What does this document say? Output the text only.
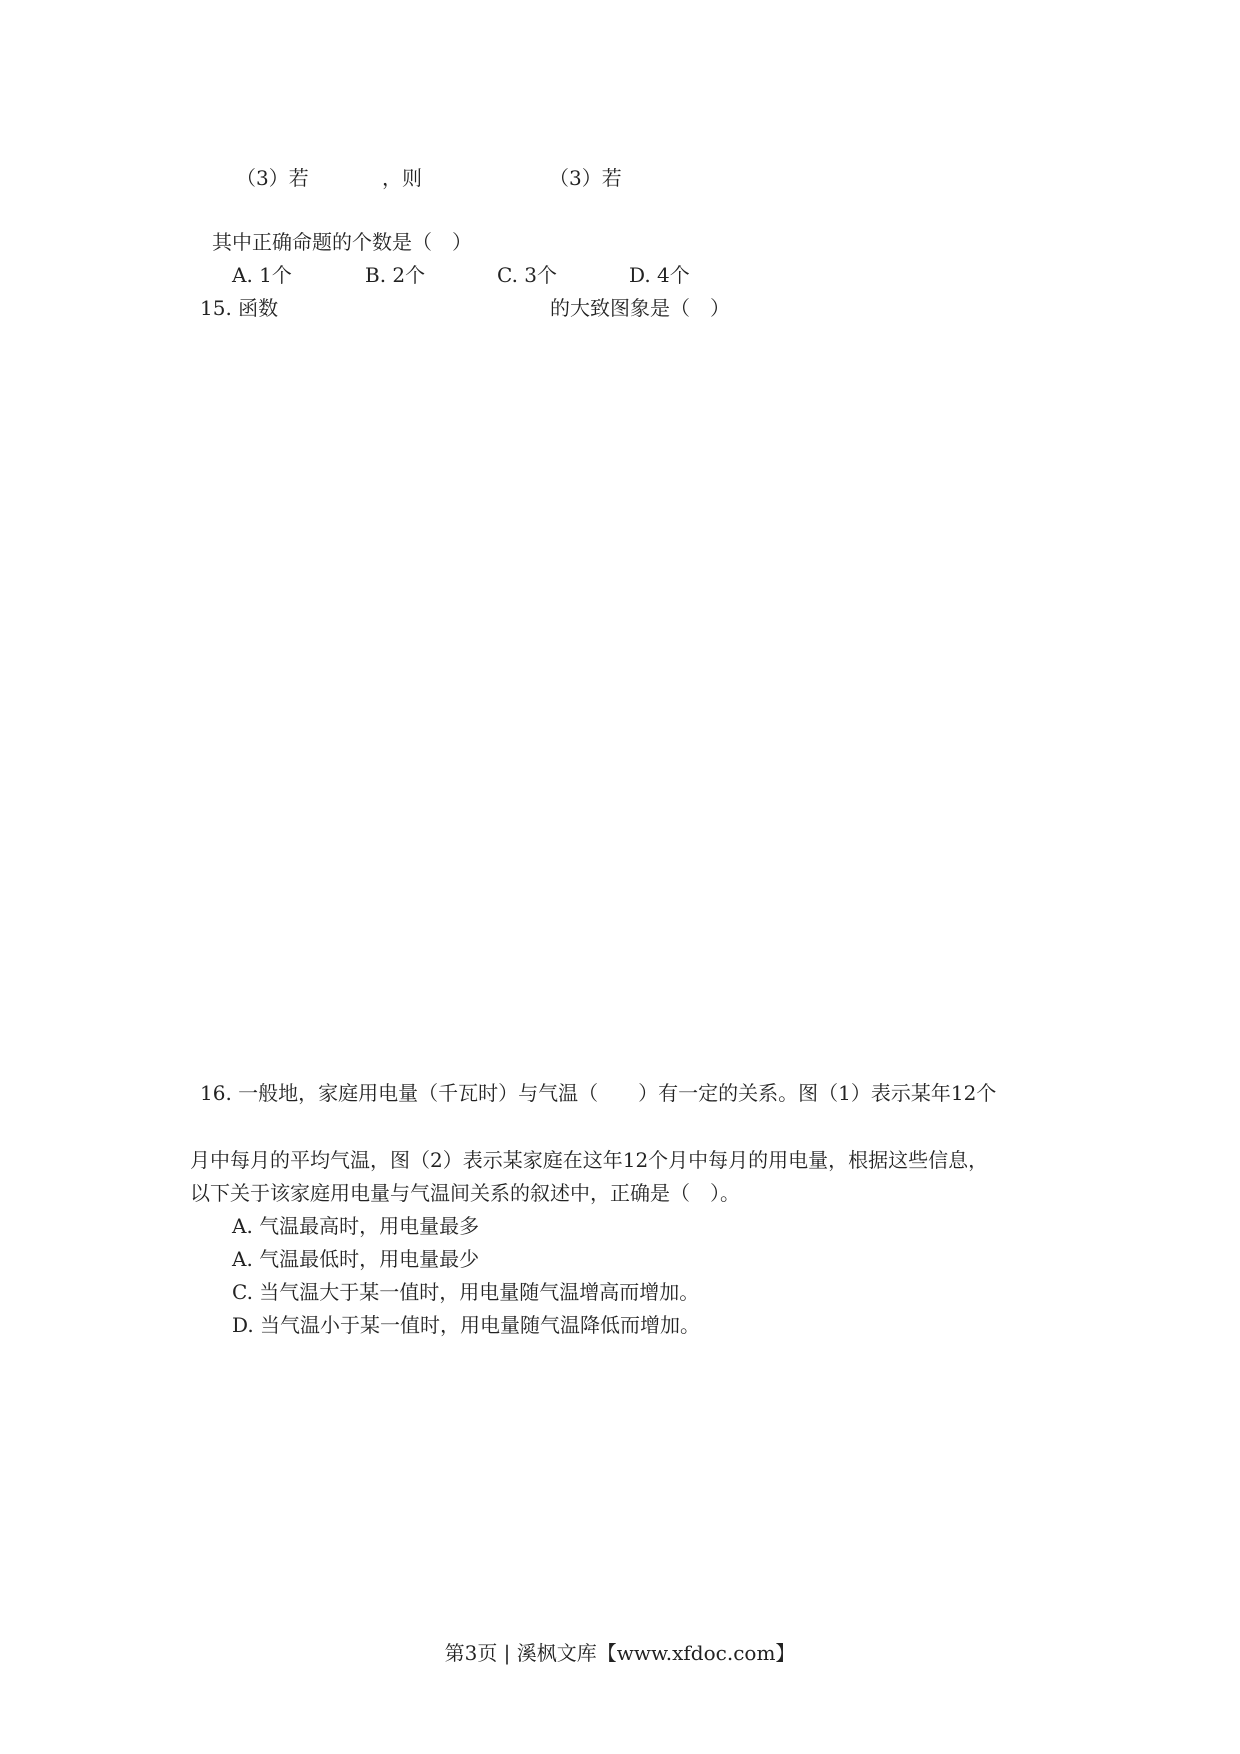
（3）若	，则	（3）若
其中正确命题的个数是（　）
A. 1个	B. 2个	C. 3个	D. 4个
15. 函数	的大致图象是（　）
16. 一般地，家庭用电量（千瓦时）与气温（　　）有一定的关系。图（1）表示某年12个
月中每月的平均气温，图（2）表示某家庭在这年12个月中每月的用电量，根据这些信息，
以下关于该家庭用电量与气温间关系的叙述中，正确是（　）。
A. 气温最高时，用电量最多
A. 气温最低时，用电量最少
C. 当气温大于某一值时，用电量随气温增高而增加。
D. 当气温小于某一值时，用电量随气温降低而增加。
第3页 | 溪枫文库【www.xfdoc.com】
